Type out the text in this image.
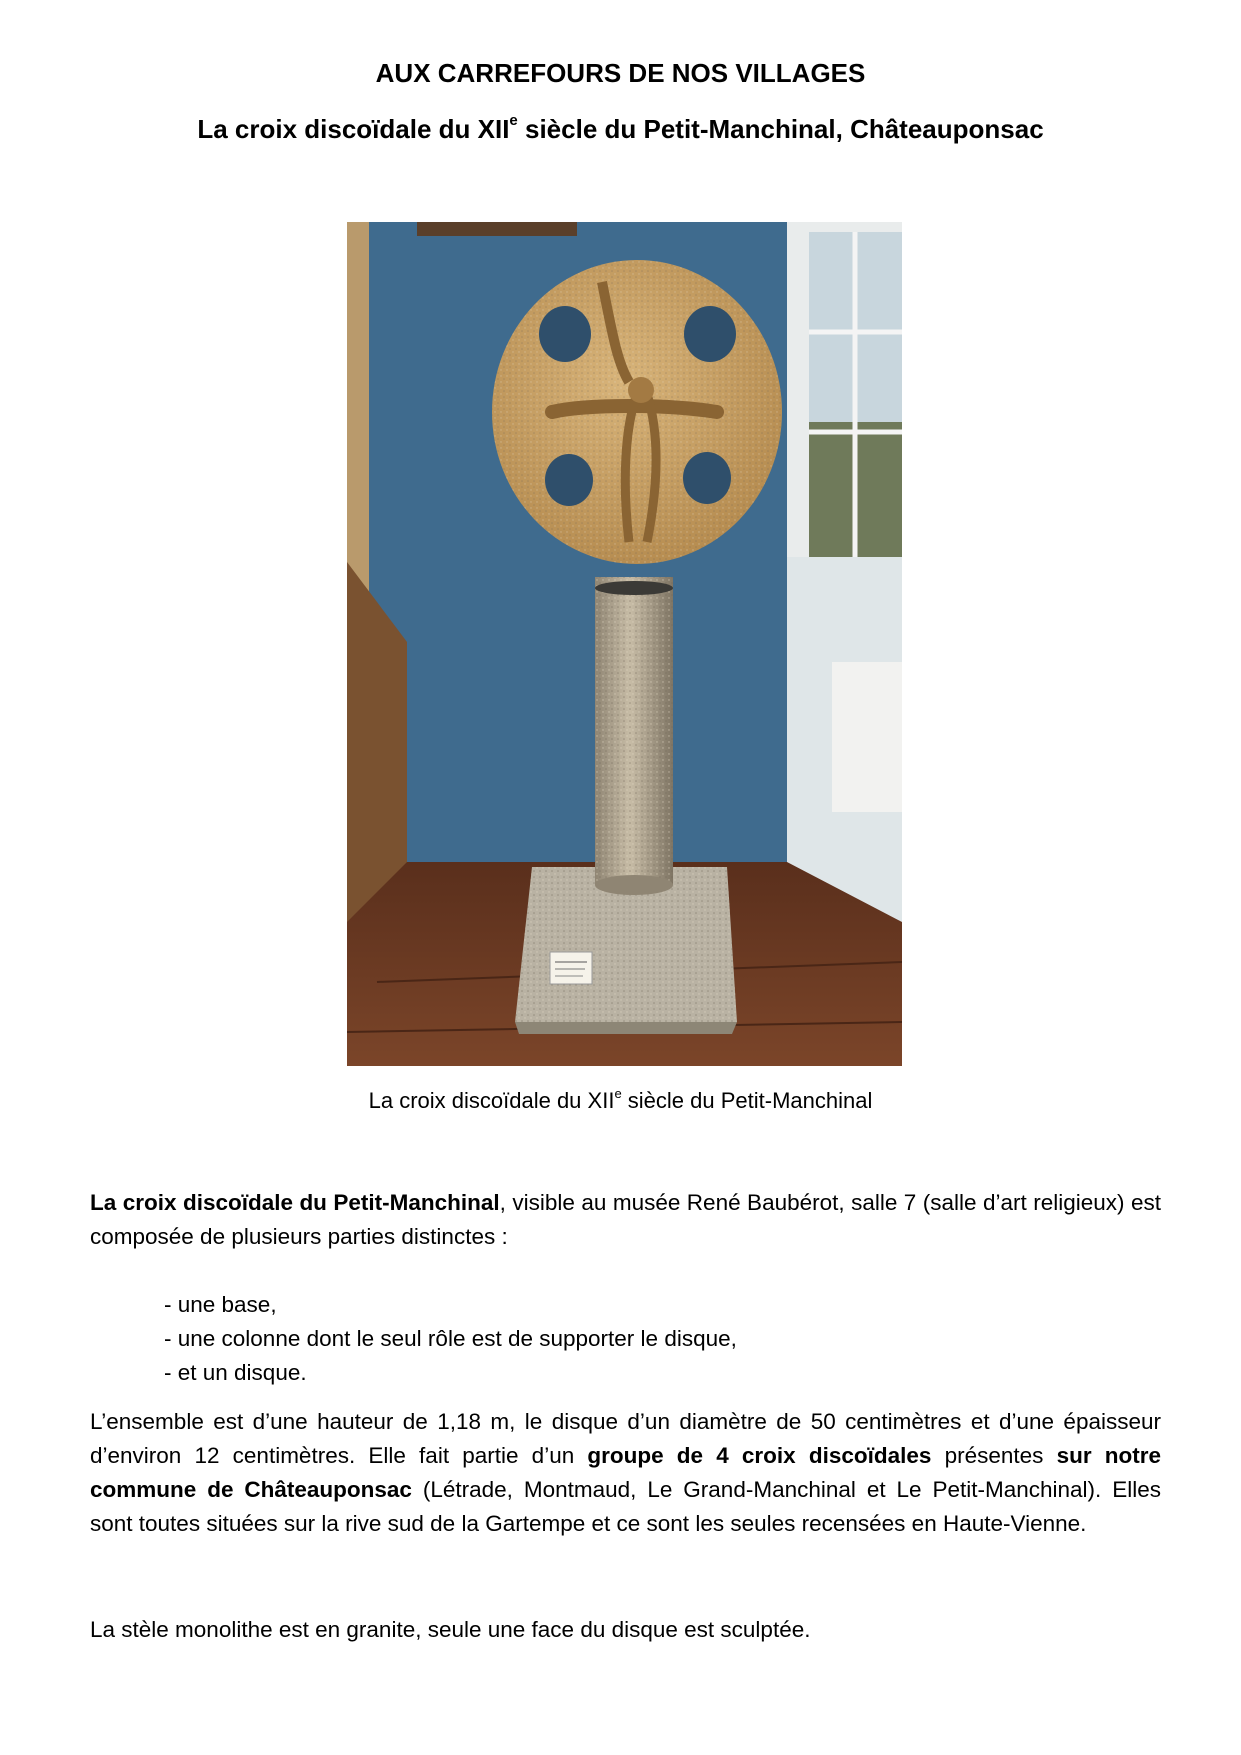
AUX CARREFOURS DE NOS VILLAGES
La croix discoïdale du XIIe siècle du Petit-Manchinal, Châteauponsac
La croix discoïdale du XIIe siècle du Petit-Manchinal

La croix discoïdale du Petit-Manchinal, visible au musée René Baubérot, salle 7 (salle d’art religieux) est composée de plusieurs parties distinctes :

- une base,
- une colonne dont le seul rôle est de supporter le disque,
- et un disque.

L’ensemble est d’une hauteur de 1,18 m, le disque d’un diamètre de 50 centimètres et d’une épaisseur d’environ 12 centimètres. Elle fait partie d’un groupe de 4 croix discoïdales présentes sur notre commune de Châteauponsac (Létrade, Montmaud, Le Grand-Manchinal et Le Petit-Manchinal). Elles sont toutes situées sur la rive sud de la Gartempe et ce sont les seules recensées en Haute-Vienne.

La stèle monolithe est en granite, seule une face du disque est sculptée.
